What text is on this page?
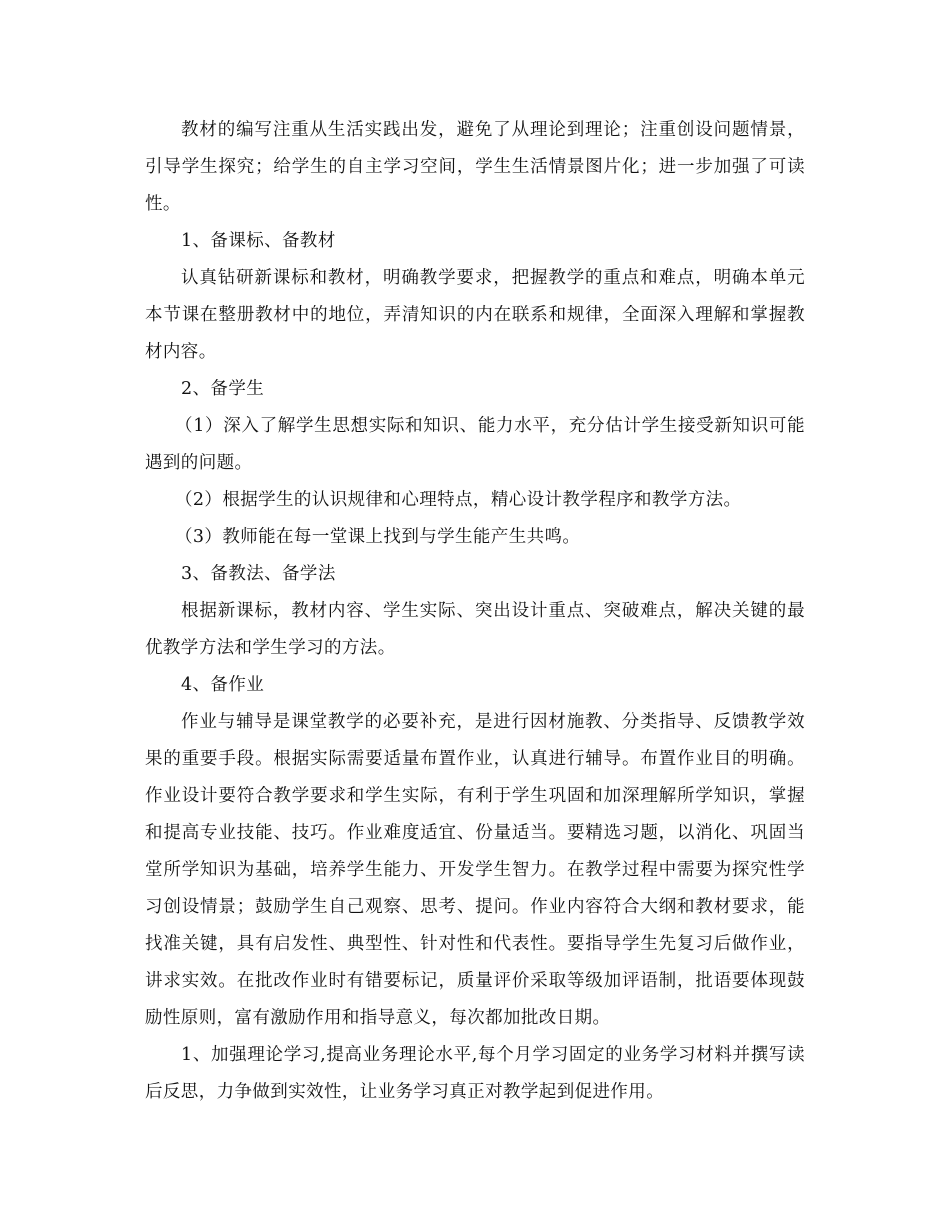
教材的编写注重从生活实践出发，避免了从理论到理论；注重创设问题情景，引导学生探究；给学生的自主学习空间，学生生活情景图片化；进一步加强了可读性。

1、备课标、备教材

认真钻研新课标和教材，明确教学要求，把握教学的重点和难点，明确本单元本节课在整册教材中的地位，弄清知识的内在联系和规律，全面深入理解和掌握教材内容。

2、备学生

（1）深入了解学生思想实际和知识、能力水平，充分估计学生接受新知识可能遇到的问题。

（2）根据学生的认识规律和心理特点，精心设计教学程序和教学方法。

（3）教师能在每一堂课上找到与学生能产生共鸣。

3、备教法、备学法

根据新课标，教材内容、学生实际、突出设计重点、突破难点，解决关键的最优教学方法和学生学习的方法。

4、备作业

作业与辅导是课堂教学的必要补充，是进行因材施教、分类指导、反馈教学效果的重要手段。根据实际需要适量布置作业，认真进行辅导。布置作业目的明确。作业设计要符合教学要求和学生实际，有利于学生巩固和加深理解所学知识，掌握和提高专业技能、技巧。作业难度适宜、份量适当。要精选习题，以消化、巩固当堂所学知识为基础，培养学生能力、开发学生智力。在教学过程中需要为探究性学习创设情景；鼓励学生自己观察、思考、提问。作业内容符合大纲和教材要求，能找准关键，具有启发性、典型性、针对性和代表性。要指导学生先复习后做作业，讲求实效。在批改作业时有错要标记，质量评价采取等级加评语制，批语要体现鼓励性原则，富有激励作用和指导意义，每次都加批改日期。

1、加强理论学习,提高业务理论水平,每个月学习固定的业务学习材料并撰写读后反思，力争做到实效性，让业务学习真正对教学起到促进作用。
